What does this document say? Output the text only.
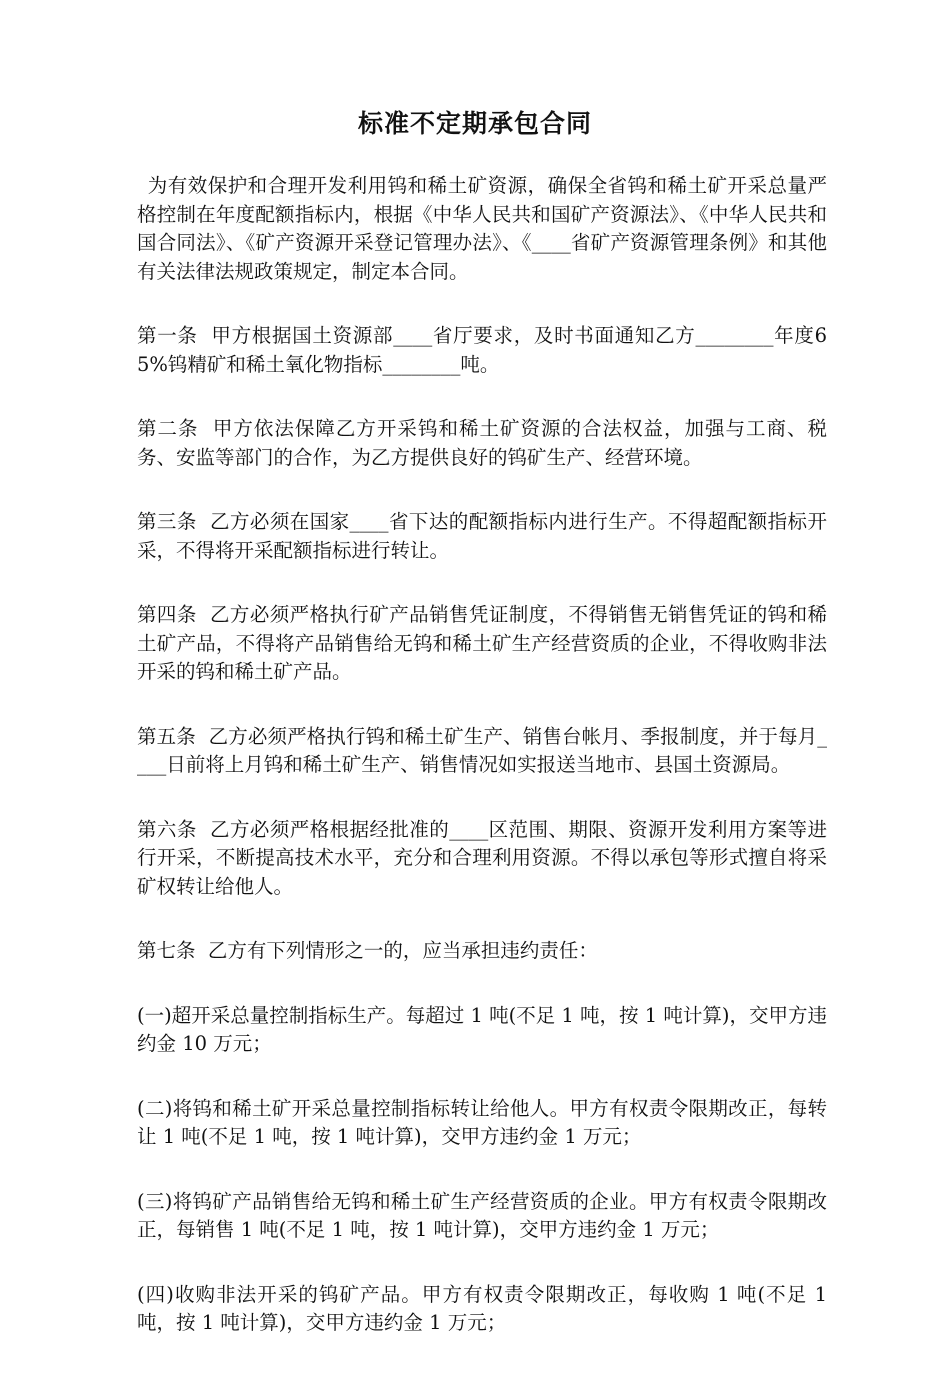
标准不定期承包合同

为有效保护和合理开发利用钨和稀土矿资源，确保全省钨和稀土矿开采总量严格控制在年度配额指标内，根据《中华人民共和国矿产资源法》、《中华人民共和国合同法》、《矿产资源开采登记管理办法》、《____省矿产资源管理条例》和其他有关法律法规政策规定，制定本合同。

第一条  甲方根据国土资源部____省厅要求，及时书面通知乙方________年度65%钨精矿和稀土氧化物指标________吨。

第二条  甲方依法保障乙方开采钨和稀土矿资源的合法权益，加强与工商、税务、安监等部门的合作，为乙方提供良好的钨矿生产、经营环境。

第三条  乙方必须在国家____省下达的配额指标内进行生产。不得超配额指标开采，不得将开采配额指标进行转让。

第四条  乙方必须严格执行矿产品销售凭证制度，不得销售无销售凭证的钨和稀土矿产品，不得将产品销售给无钨和稀土矿生产经营资质的企业，不得收购非法开采的钨和稀土矿产品。

第五条  乙方必须严格执行钨和稀土矿生产、销售台帐月、季报制度，并于每月____日前将上月钨和稀土矿生产、销售情况如实报送当地市、县国土资源局。

第六条  乙方必须严格根据经批准的____区范围、期限、资源开发利用方案等进行开采，不断提高技术水平，充分和合理利用资源。不得以承包等形式擅自将采矿权转让给他人。

第七条  乙方有下列情形之一的，应当承担违约责任：

(一)超开采总量控制指标生产。每超过 1 吨(不足 1 吨，按 1 吨计算)，交甲方违约金 10 万元；

(二)将钨和稀土矿开采总量控制指标转让给他人。甲方有权责令限期改正，每转让 1 吨(不足 1 吨，按 1 吨计算)，交甲方违约金 1 万元；

(三)将钨矿产品销售给无钨和稀土矿生产经营资质的企业。甲方有权责令限期改正，每销售 1 吨(不足 1 吨，按 1 吨计算)，交甲方违约金 1 万元；

(四)收购非法开采的钨矿产品。甲方有权责令限期改正，每收购 1 吨(不足 1 吨，按 1 吨计算)，交甲方违约金 1 万元；
